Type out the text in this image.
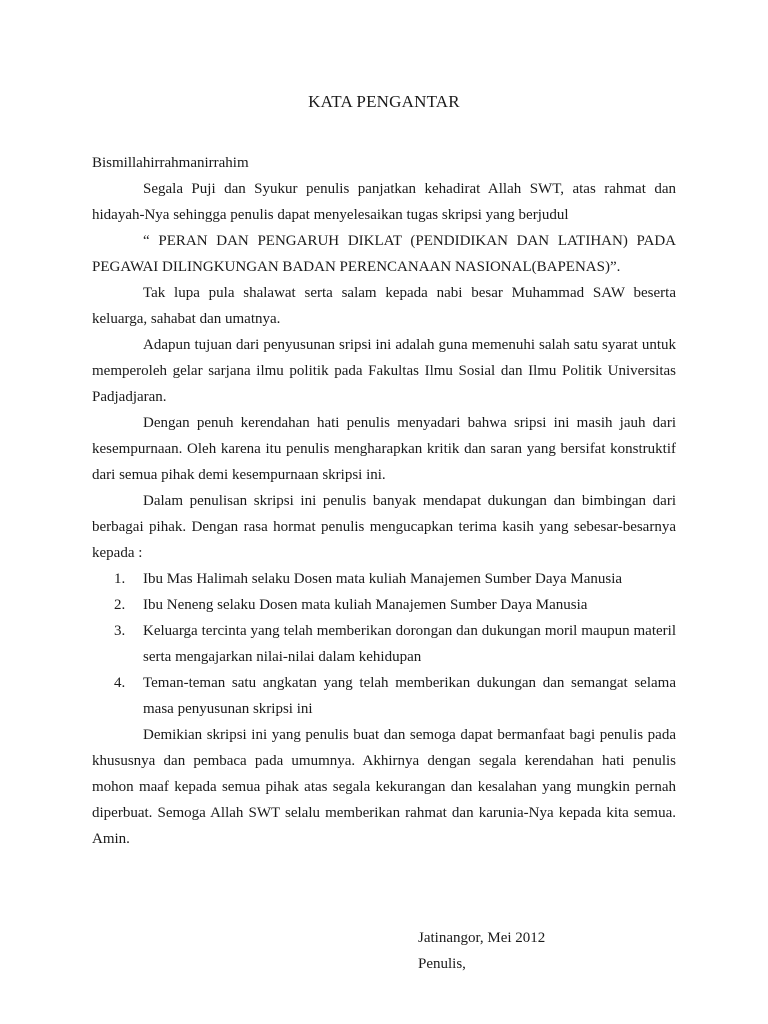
KATA PENGANTAR

Bismillahirrahmanirrahim

Segala Puji dan Syukur penulis panjatkan kehadirat Allah SWT, atas rahmat dan hidayah-Nya sehingga penulis dapat menyelesaikan tugas skripsi yang berjudul

“ PERAN DAN PENGARUH DIKLAT (PENDIDIKAN DAN LATIHAN) PADA PEGAWAI DILINGKUNGAN BADAN PERENCANAAN NASIONAL(BAPENAS)”.

Tak lupa pula shalawat serta salam kepada nabi besar Muhammad SAW beserta keluarga, sahabat dan umatnya.

Adapun tujuan dari penyusunan sripsi ini adalah guna memenuhi salah satu syarat untuk memperoleh gelar sarjana ilmu politik pada Fakultas Ilmu Sosial dan Ilmu Politik Universitas Padjadjaran.

Dengan penuh kerendahan hati penulis menyadari bahwa sripsi ini masih jauh dari kesempurnaan. Oleh karena itu penulis mengharapkan kritik dan saran yang bersifat konstruktif dari semua pihak demi kesempurnaan skripsi ini.

Dalam penulisan skripsi ini penulis banyak mendapat dukungan dan bimbingan dari berbagai pihak. Dengan rasa hormat penulis mengucapkan terima kasih yang sebesar-besarnya kepada :

1. Ibu Mas Halimah selaku Dosen mata kuliah Manajemen Sumber Daya Manusia
2. Ibu Neneng selaku Dosen mata kuliah Manajemen Sumber Daya Manusia
3. Keluarga tercinta yang telah memberikan dorongan dan dukungan moril maupun materil serta mengajarkan nilai-nilai dalam kehidupan
4. Teman-teman satu angkatan yang telah memberikan dukungan dan semangat selama masa penyusunan skripsi ini

Demikian skripsi ini yang penulis buat dan semoga dapat bermanfaat bagi penulis pada khususnya dan pembaca pada umumnya. Akhirnya dengan segala kerendahan hati penulis mohon maaf kepada semua pihak atas segala kekurangan dan kesalahan yang mungkin pernah diperbuat. Semoga Allah SWT selalu memberikan rahmat dan karunia-Nya kepada kita semua. Amin.

Jatinangor, Mei 2012
Penulis,
